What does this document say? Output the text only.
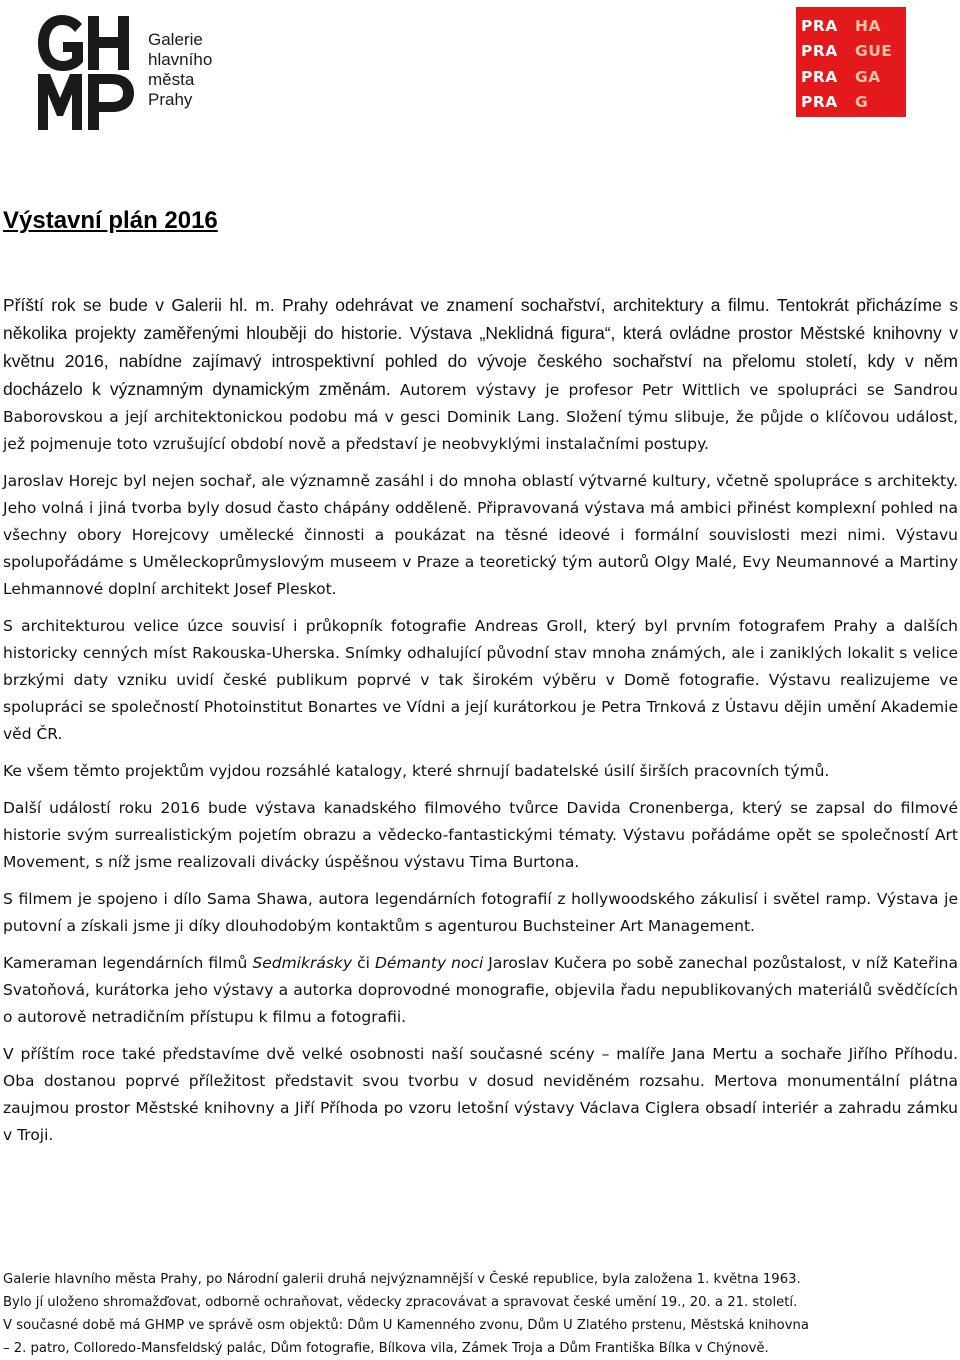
Galerie
hlavního
města
Prahy
PRA	HA
PRA	GUE
PRA	GA
PRA	G
Výstavní plán 2016

Příští rok se bude v Galerii hl. m. Prahy odehrávat ve znamení sochařství, architektury a filmu. Tentokrát přicházíme s několika projekty zaměřenými hlouběji do historie. Výstava „Neklidná figura“, která ovládne prostor Městské knihovny v květnu 2016, nabídne zajímavý introspektivní pohled do vývoje českého sochařství na přelomu století, kdy v něm docházelo k významným dynamickým změnám. Autorem výstavy je profesor Petr Wittlich ve spolupráci se Sandrou Baborovskou a její architektonickou podobu má v gesci Dominik Lang. Složení týmu slibuje, že půjde o klíčovou událost, jež pojmenuje toto vzrušující období nově a představí je neobvyklými instalačními postupy.

Jaroslav Horejc byl nejen sochař, ale významně zasáhl i do mnoha oblastí výtvarné kultury, včetně spolupráce s architekty. Jeho volná i jiná tvorba byly dosud často chápány odděleně. Připravovaná výstava má ambici přinést komplexní pohled na všechny obory Horejcovy umělecké činnosti a poukázat na těsné ideové i formální souvislosti mezi nimi. Výstavu spolupořádáme s Uměleckoprůmyslovým museem v Praze a teoretický tým autorů Olgy Malé, Evy Neumannové a Martiny Lehmannové doplní architekt Josef Pleskot.

S architekturou velice úzce souvisí i průkopník fotografie Andreas Groll, který byl prvním fotografem Prahy a dalších historicky cenných míst Rakouska-Uherska. Snímky odhalující původní stav mnoha známých, ale i zaniklých lokalit s velice brzkými daty vzniku uvidí české publikum poprvé v tak širokém výběru v Domě fotografie. Výstavu realizujeme ve spolupráci se společností Photoinstitut Bonartes ve Vídni a její kurátorkou je Petra Trnková z Ústavu dějin umění Akademie věd ČR.

Ke všem těmto projektům vyjdou rozsáhlé katalogy, které shrnují badatelské úsilí širších pracovních týmů.

Další událostí roku 2016 bude výstava kanadského filmového tvůrce Davida Cronenberga, který se zapsal do filmové historie svým surrealistickým pojetím obrazu a vědecko-fantastickými tématy. Výstavu pořádáme opět se společností Art Movement, s níž jsme realizovali divácky úspěšnou výstavu Tima Burtona.

S filmem je spojeno i dílo Sama Shawa, autora legendárních fotografií z hollywoodského zákulisí i světel ramp. Výstava je putovní a získali jsme ji díky dlouhodobým kontaktům s agenturou Buchsteiner Art Management.

Kameraman legendárních filmů Sedmikrásky či Démanty noci Jaroslav Kučera po sobě zanechal pozůstalost, v níž Kateřina Svatoňová, kurátorka jeho výstavy a autorka doprovodné monografie, objevila řadu nepublikovaných materiálů svědčících o autorově netradičním přístupu k filmu a fotografii.

V příštím roce také představíme dvě velké osobnosti naší současné scény – malíře Jana Mertu a sochaře Jiřího Příhodu. Oba dostanou poprvé příležitost představit svou tvorbu v dosud neviděném rozsahu. Mertova monumentální plátna zaujmou prostor Městské knihovny a Jiří Příhoda po vzoru letošní výstavy Václava Ciglera obsadí interiér a zahradu zámku v Troji.

Galerie hlavního města Prahy, po Národní galerii druhá nejvýznamnější v České republice, byla založena 1. května 1963.

Bylo jí uloženo shromažďovat, odborně ochraňovat, vědecky zpracovávat a spravovat české umění 19., 20. a 21. století.

V současné době má GHMP ve správě osm objektů: Dům U Kamenného zvonu, Dům U Zlatého prstenu, Městská knihovna

– 2. patro, Colloredo-Mansfeldský palác, Dům fotografie, Bílkova vila, Zámek Troja a Dům Františka Bílka v Chýnově.
